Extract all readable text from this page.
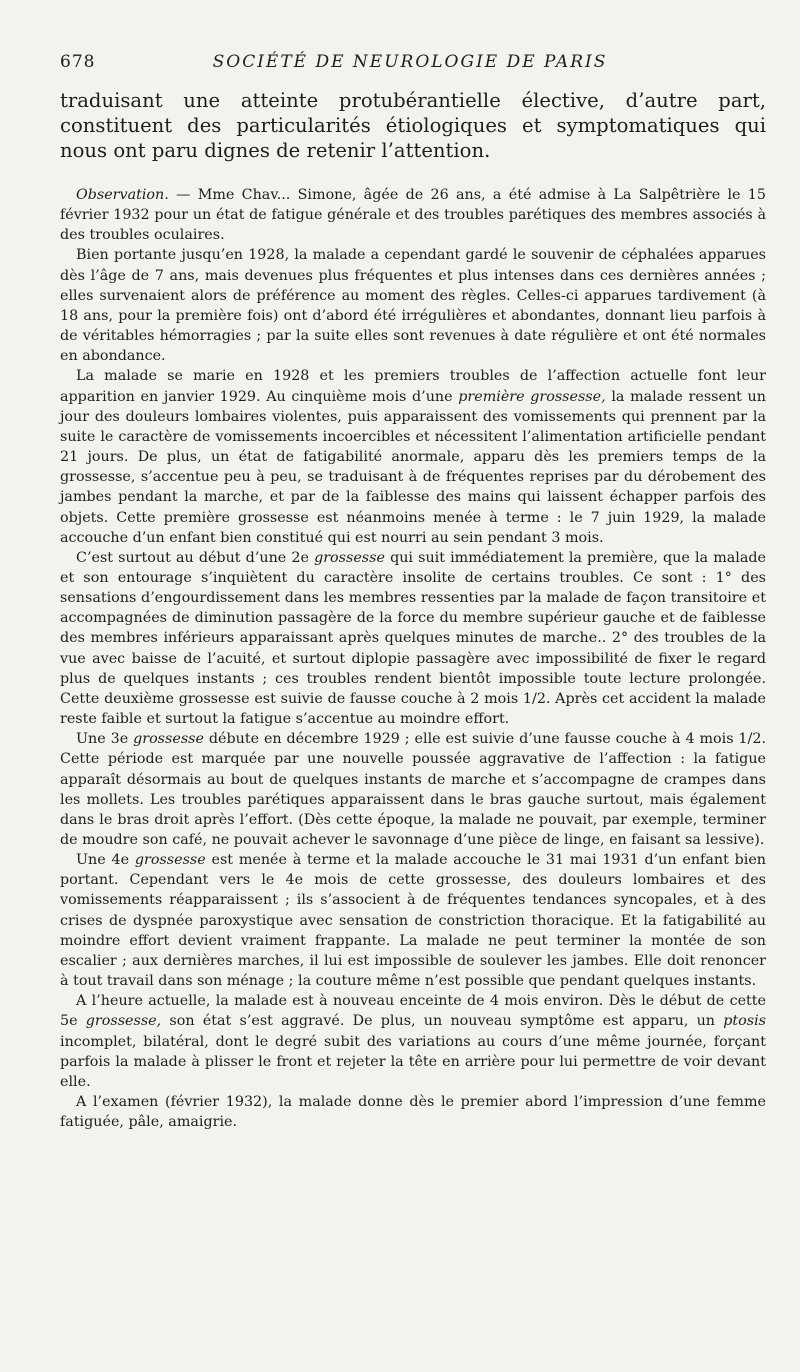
678	SOCIÉTÉ DE NEUROLOGIE DE PARIS

traduisant une atteinte protubérantielle élective, d’autre part, constituent des particularités étiologiques et symptomatiques qui nous ont paru dignes de retenir l’attention.

Observation. — Mme Chav... Simone, âgée de 26 ans, a été admise à La Salpêtrière le 15 février 1932 pour un état de fatigue générale et des troubles parétiques des membres associés à des troubles oculaires.

Bien portante jusqu’en 1928, la malade a cependant gardé le souvenir de céphalées apparues dès l’âge de 7 ans, mais devenues plus fréquentes et plus intenses dans ces dernières années ; elles survenaient alors de préférence au moment des règles. Celles-ci apparues tardivement (à 18 ans, pour la première fois) ont d’abord été irrégulières et abondantes, donnant lieu parfois à de véritables hémorragies ; par la suite elles sont revenues à date régulière et ont été normales en abondance.

La malade se marie en 1928 et les premiers troubles de l’affection actuelle font leur apparition en janvier 1929. Au cinquième mois d’une première grossesse, la malade ressent un jour des douleurs lombaires violentes, puis apparaissent des vomissements qui prennent par la suite le caractère de vomissements incoercibles et nécessitent l’alimentation artificielle pendant 21 jours. De plus, un état de fatigabilité anormale, apparu dès les premiers temps de la grossesse, s’accentue peu à peu, se traduisant à de fréquentes reprises par du dérobement des jambes pendant la marche, et par de la faiblesse des mains qui laissent échapper parfois des objets. Cette première grossesse est néanmoins menée à terme : le 7 juin 1929, la malade accouche d’un enfant bien constitué qui est nourri au sein pendant 3 mois.

C’est surtout au début d’une 2e grossesse qui suit immédiatement la première, que la malade et son entourage s’inquiètent du caractère insolite de certains troubles. Ce sont : 1° des sensations d’engourdissement dans les membres ressenties par la malade de façon transitoire et accompagnées de diminution passagère de la force du membre supérieur gauche et de faiblesse des membres inférieurs apparaissant après quelques minutes de marche.. 2° des troubles de la vue avec baisse de l’acuité, et surtout diplopie passagère avec impossibilité de fixer le regard plus de quelques instants ; ces troubles rendent bientôt impossible toute lecture prolongée. Cette deuxième grossesse est suivie de fausse couche à 2 mois 1/2. Après cet accident la malade reste faible et surtout la fatigue s’accentue au moindre effort.

Une 3e grossesse débute en décembre 1929 ; elle est suivie d’une fausse couche à 4 mois 1/2. Cette période est marquée par une nouvelle poussée aggravative de l’affection : la fatigue apparaît désormais au bout de quelques instants de marche et s’accompagne de crampes dans les mollets. Les troubles parétiques apparaissent dans le bras gauche surtout, mais également dans le bras droit après l’effort. (Dès cette époque, la malade ne pouvait, par exemple, terminer de moudre son café, ne pouvait achever le savonnage d’une pièce de linge, en faisant sa lessive).

Une 4e grossesse est menée à terme et la malade accouche le 31 mai 1931 d’un enfant bien portant. Cependant vers le 4e mois de cette grossesse, des douleurs lombaires et des vomissements réapparaissent ; ils s’associent à de fréquentes tendances syncopales, et à des crises de dyspnée paroxystique avec sensation de constriction thoracique. Et la fatigabilité au moindre effort devient vraiment frappante. La malade ne peut terminer la montée de son escalier ; aux dernières marches, il lui est impossible de soulever les jambes. Elle doit renoncer à tout travail dans son ménage ; la couture même n’est possible que pendant quelques instants.

A l’heure actuelle, la malade est à nouveau enceinte de 4 mois environ. Dès le début de cette 5e grossesse, son état s’est aggravé. De plus, un nouveau symptôme est apparu, un ptosis incomplet, bilatéral, dont le degré subit des variations au cours d’une même journée, forçant parfois la malade à plisser le front et rejeter la tête en arrière pour lui permettre de voir devant elle.

A l’examen (février 1932), la malade donne dès le premier abord l’impression d’une femme fatiguée, pâle, amaigrie.
